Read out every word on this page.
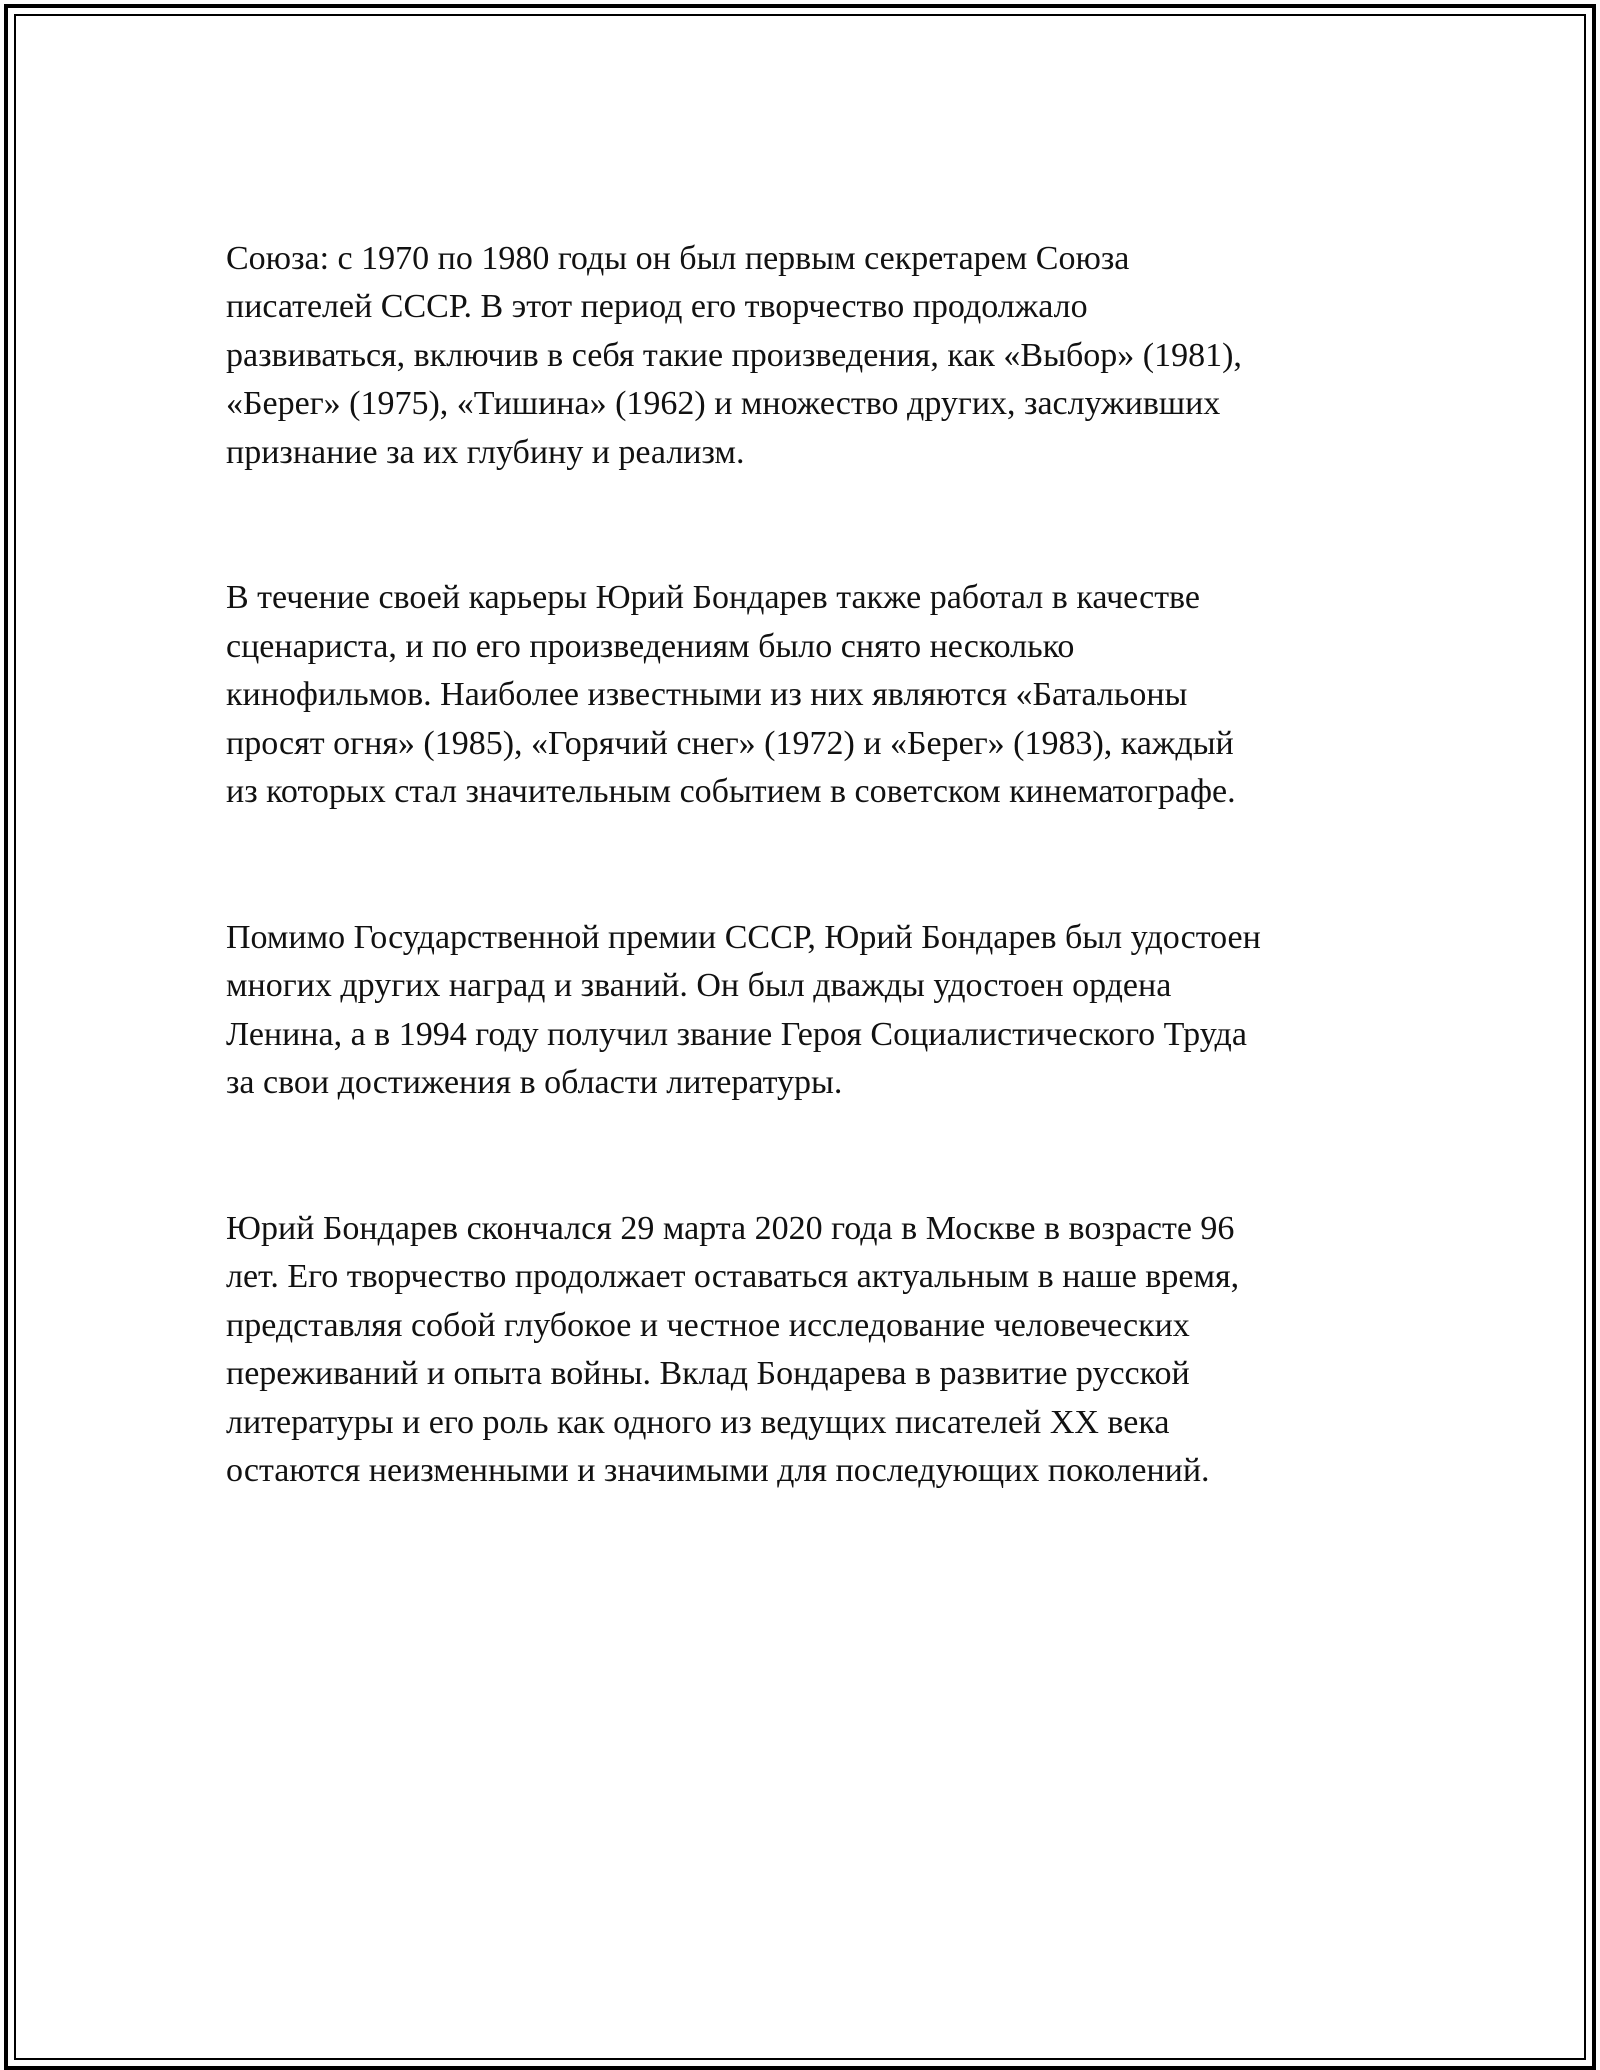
Союза: с 1970 по 1980 годы он был первым секретарем Союза
писателей СССР. В этот период его творчество продолжало
развиваться, включив в себя такие произведения, как «Выбор» (1981),
«Берег» (1975), «Тишина» (1962) и множество других, заслуживших
признание за их глубину и реализм.

В течение своей карьеры Юрий Бондарев также работал в качестве
сценариста, и по его произведениям было снято несколько
кинофильмов. Наиболее известными из них являются «Батальоны
просят огня» (1985), «Горячий снег» (1972) и «Берег» (1983), каждый
из которых стал значительным событием в советском кинематографе.

Помимо Государственной премии СССР, Юрий Бондарев был удостоен
многих других наград и званий. Он был дважды удостоен ордена
Ленина, а в 1994 году получил звание Героя Социалистического Труда
за свои достижения в области литературы.

Юрий Бондарев скончался 29 марта 2020 года в Москве в возрасте 96
лет. Его творчество продолжает оставаться актуальным в наше время,
представляя собой глубокое и честное исследование человеческих
переживаний и опыта войны. Вклад Бондарева в развитие русской
литературы и его роль как одного из ведущих писателей XX века
остаются неизменными и значимыми для последующих поколений.
